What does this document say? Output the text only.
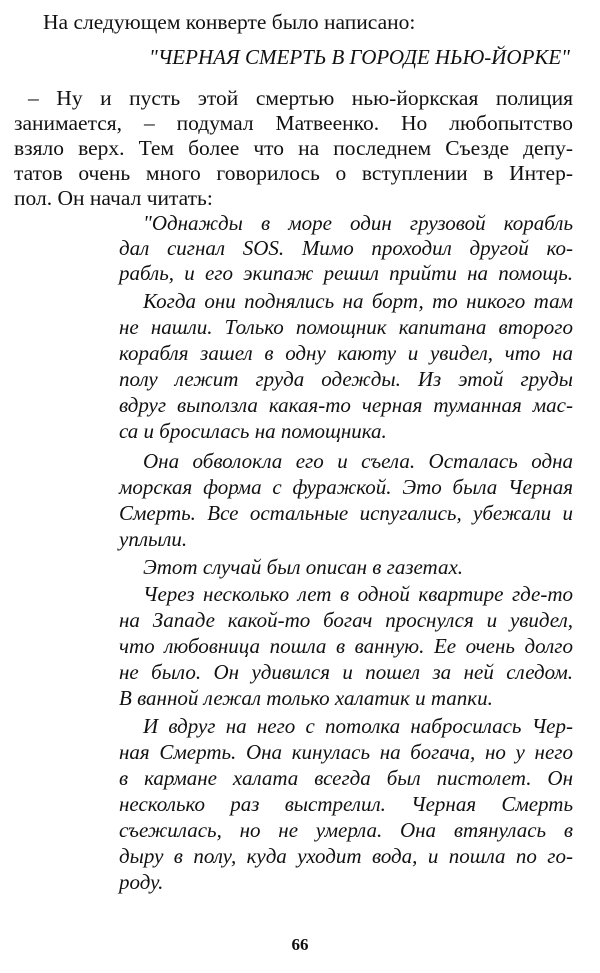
На следующем конверте было написано:
"ЧЕРНАЯ СМЕРТЬ В ГОРОДЕ НЬЮ-ЙОРКЕ"
– Ну и пусть этой смертью нью-йоркская полиция
занимается, – подумал Матвеенко. Но любопытство
взяло верх. Тем более что на последнем Съезде депу-
татов очень много говорилось о вступлении в Интер-
пол. Он начал читать:
"Однажды в море один грузовой корабль
дал сигнал SOS. Мимо проходил другой ко-
рабль, и его экипаж решил прийти на помощь.
Когда они поднялись на борт, то никого там
не нашли. Только помощник капитана второго
корабля зашел в одну каюту и увидел, что на
полу лежит груда одежды. Из этой груды
вдруг выползла какая-то черная туманная мас-
са и бросилась на помощника.
Она обволокла его и съела. Осталась одна
морская форма с фуражкой. Это была Черная
Смерть. Все остальные испугались, убежали и
уплыли.
Этот случай был описан в газетах.
Через несколько лет в одной квартире где-то
на Западе какой-то богач проснулся и увидел,
что любовница пошла в ванную. Ее очень долго
не было. Он удивился и пошел за ней следом.
В ванной лежал только халатик и тапки.
И вдруг на него с потолка набросилась Чер-
ная Смерть. Она кинулась на богача, но у него
в кармане халата всегда был пистолет. Он
несколько раз выстрелил. Черная Смерть
съежилась, но не умерла. Она втянулась в
дыру в полу, куда уходит вода, и пошла по го-
роду.
66
